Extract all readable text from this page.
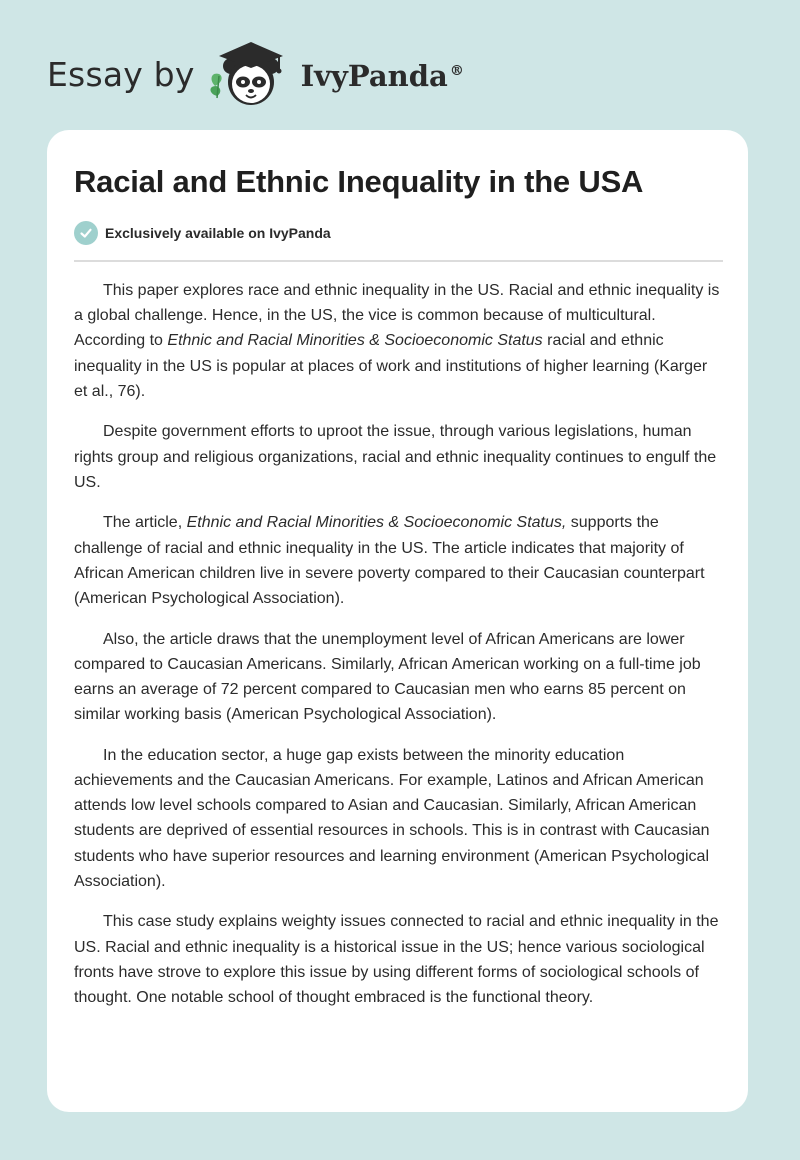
Essay by	IvyPanda ®
Racial and Ethnic Inequality in the USA
Exclusively available on IvyPanda

This paper explores race and ethnic inequality in the US. Racial and ethnic inequality is a global challenge. Hence, in the US, the vice is common because of multicultural. According to Ethnic and Racial Minorities & Socioeconomic Status racial and ethnic inequality in the US is popular at places of work and institutions of higher learning (Karger et al., 76).

Despite government efforts to uproot the issue, through various legislations, human rights group and religious organizations, racial and ethnic inequality continues to engulf the US.

The article, Ethnic and Racial Minorities & Socioeconomic Status, supports the challenge of racial and ethnic inequality in the US. The article indicates that majority of African American children live in severe poverty compared to their Caucasian counterpart (American Psychological Association).

Also, the article draws that the unemployment level of African Americans are lower compared to Caucasian Americans. Similarly, African American working on a full-time job earns an average of 72 percent compared to Caucasian men who earns 85 percent on similar working basis (American Psychological Association).

In the education sector, a huge gap exists between the minority education achievements and the Caucasian Americans. For example, Latinos and African American attends low level schools compared to Asian and Caucasian. Similarly, African American students are deprived of essential resources in schools. This is in contrast with Caucasian students who have superior resources and learning environment (American Psychological Association).

This case study explains weighty issues connected to racial and ethnic inequality in the US. Racial and ethnic inequality is a historical issue in the US; hence various sociological fronts have strove to explore this issue by using different forms of sociological schools of thought. One notable school of thought embraced is the functional theory.
